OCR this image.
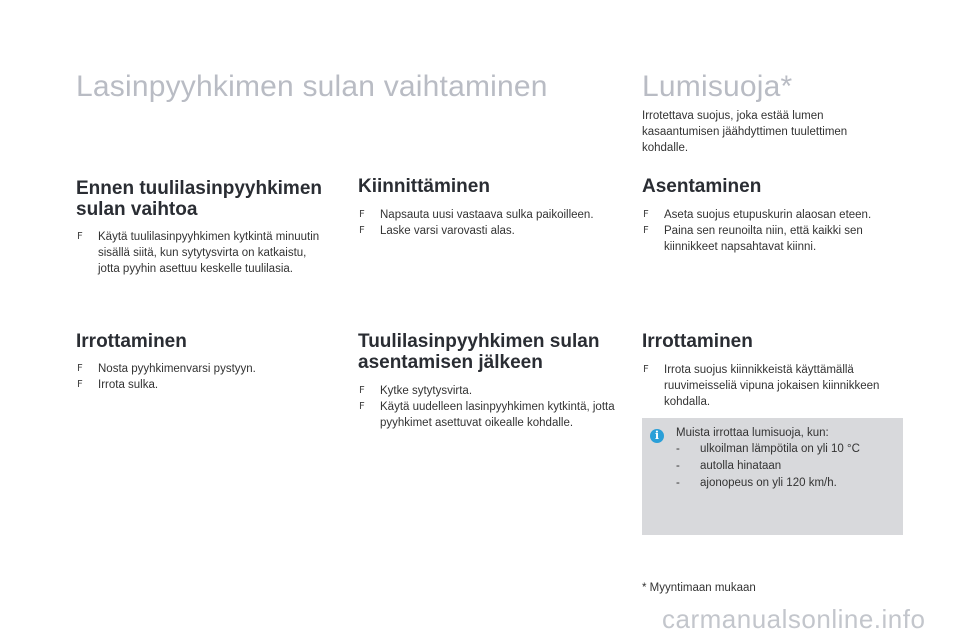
Lasinpyyhkimen sulan vaihtaminen
Ennen tuulilasinpyyhkimen
sulan vaihtoa
F Käytä tuulilasinpyyhkimen kytkintä minuutin sisällä siitä, kun sytytysvirta on katkaistu, jotta pyyhin asettuu keskelle tuulilasia.
Irrottaminen
F Nosta pyyhkimenvarsi pystyyn.
F Irrota sulka.
Kiinnittäminen
F Napsauta uusi vastaava sulka paikoilleen.
F Laske varsi varovasti alas.
Tuulilasinpyyhkimen sulan
asentamisen jälkeen
F Kytke sytytysvirta.
F Käytä uudelleen lasinpyyhkimen kytkintä, jotta pyyhkimet asettuvat oikealle kohdalle.
Lumisuoja*

Irrotettava suojus, joka estää lumen kasaantumisen jäähdyttimen tuulettimen kohdalle.

Asentaminen
F Aseta suojus etupuskurin alaosan eteen.
F Paina sen reunoilta niin, että kaikki sen kiinnikkeet napsahtavat kiinni.
Irrottaminen
F Irrota suojus kiinnikkeistä käyttämällä ruuvimeisseliä vipuna jokaisen kiinnikkeen kohdalla.
i	Muista irrottaa lumisuoja, kun:
- ulkoilman lämpötila on yli 10 °C
- autolla hinataan
- ajonopeus on yli 120 km/h.

* Myyntimaan mukaan

carmanualsonline.info
